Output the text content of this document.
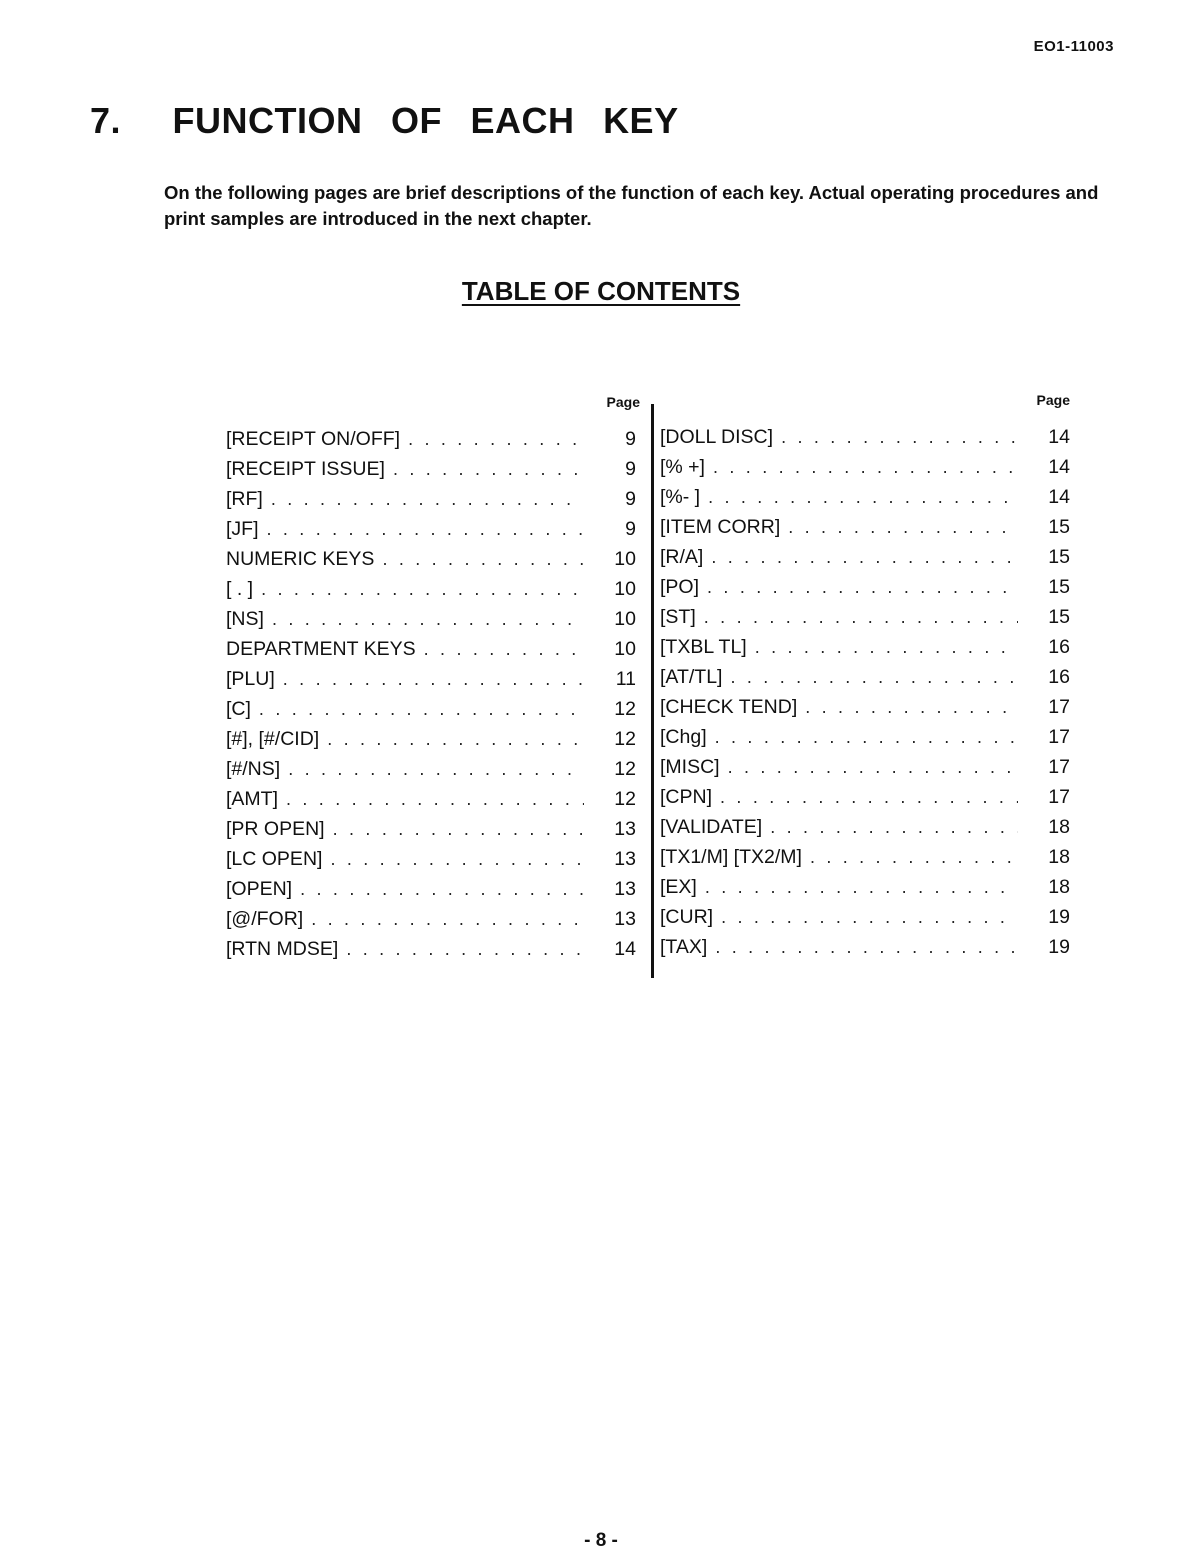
EO1-11003
7. FUNCTION OF EACH KEY
On the following pages are brief descriptions of the function of each key. Actual operating procedures and print samples are introduced in the next chapter.
TABLE OF CONTENTS
Page
[RECEIPT ON/OFF] . . .	9
[RECEIPT ISSUE] . . .	9
[RF] . . .	9
[JF] . . .	9
NUMERIC KEYS . . .	10
[ . ] . . .	10
[NS] . . .	10
DEPARTMENT KEYS . . .	10
[PLU] . . .	11
[C] . . .	12
[#], [#/CID] . . .	12
[#/NS] . . .	12
[AMT] . . .	12
[PR OPEN] . . .	13
[LC OPEN] . . .	13
[OPEN] . . .	13
[@/FOR] . . .	13
[RTN MDSE] . . .	14
Page
[DOLL DISC] . . .	14
[% +] . . .	14
[%- ] . . .	14
[ITEM CORR] . . .	15
[R/A] . . .	15
[PO] . . .	15
[ST] . . .	15
[TXBL TL] . . .	16
[AT/TL] . . .	16
[CHECK TEND] . . .	17
[Chg] . . .	17
[MISC] . . .	17
[CPN] . . .	17
[VALIDATE] . . .	18
[TX1/M] [TX2/M] . . .	18
[EX] . . .	18
[CUR] . . .	19
[TAX] . . .	19
- 8 -
